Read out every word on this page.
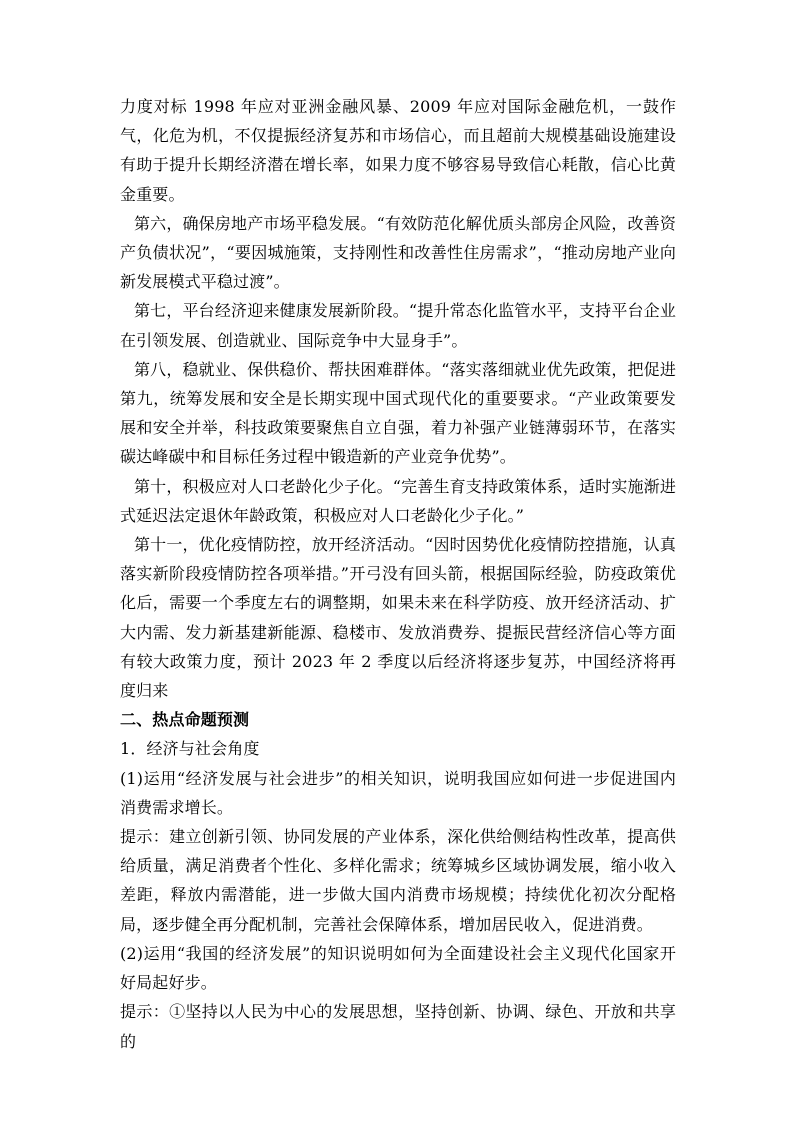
力度对标 1998 年应对亚洲金融风暴、2009 年应对国际金融危机，一鼓作气，化危为机，不仅提振经济复苏和市场信心，而且超前大规模基础设施建设有助于提升长期经济潜在增长率，如果力度不够容易导致信心耗散，信心比黄金重要。

第六，确保房地产市场平稳发展。“有效防范化解优质头部房企风险，改善资产负债状况”，“要因城施策，支持刚性和改善性住房需求”，“推动房地产业向新发展模式平稳过渡”。

第七，平台经济迎来健康发展新阶段。“提升常态化监管水平，支持平台企业在引领发展、创造就业、国际竞争中大显身手”。

第八，稳就业、保供稳价、帮扶困难群体。“落实落细就业优先政策，把促进第九，统筹发展和安全是长期实现中国式现代化的重要要求。“产业政策要发展和安全并举，科技政策要聚焦自立自强，着力补强产业链薄弱环节，在落实碳达峰碳中和目标任务过程中锻造新的产业竞争优势”。

第十，积极应对人口老龄化少子化。“完善生育支持政策体系，适时实施渐进式延迟法定退休年龄政策，积极应对人口老龄化少子化。”

第十一，优化疫情防控，放开经济活动。“因时因势优化疫情防控措施，认真落实新阶段疫情防控各项举措。”开弓没有回头箭，根据国际经验，防疫政策优化后，需要一个季度左右的调整期，如果未来在科学防疫、放开经济活动、扩大内需、发力新基建新能源、稳楼市、发放消费券、提振民营经济信心等方面有较大政策力度，预计 2023 年 2 季度以后经济将逐步复苏，中国经济将再度归来

二、热点命题预测

1．经济与社会角度

(1)运用“经济发展与社会进步”的相关知识，说明我国应如何进一步促进国内消费需求增长。

提示：建立创新引领、协同发展的产业体系，深化供给侧结构性改革，提高供给质量，满足消费者个性化、多样化需求；统筹城乡区域协调发展，缩小收入差距，释放内需潜能，进一步做大国内消费市场规模；持续优化初次分配格局，逐步健全再分配机制，完善社会保障体系，增加居民收入，促进消费。

(2)运用“我国的经济发展”的知识说明如何为全面建设社会主义现代化国家开好局起好步。

提示：①坚持以人民为中心的发展思想，坚持创新、协调、绿色、开放和共享的
